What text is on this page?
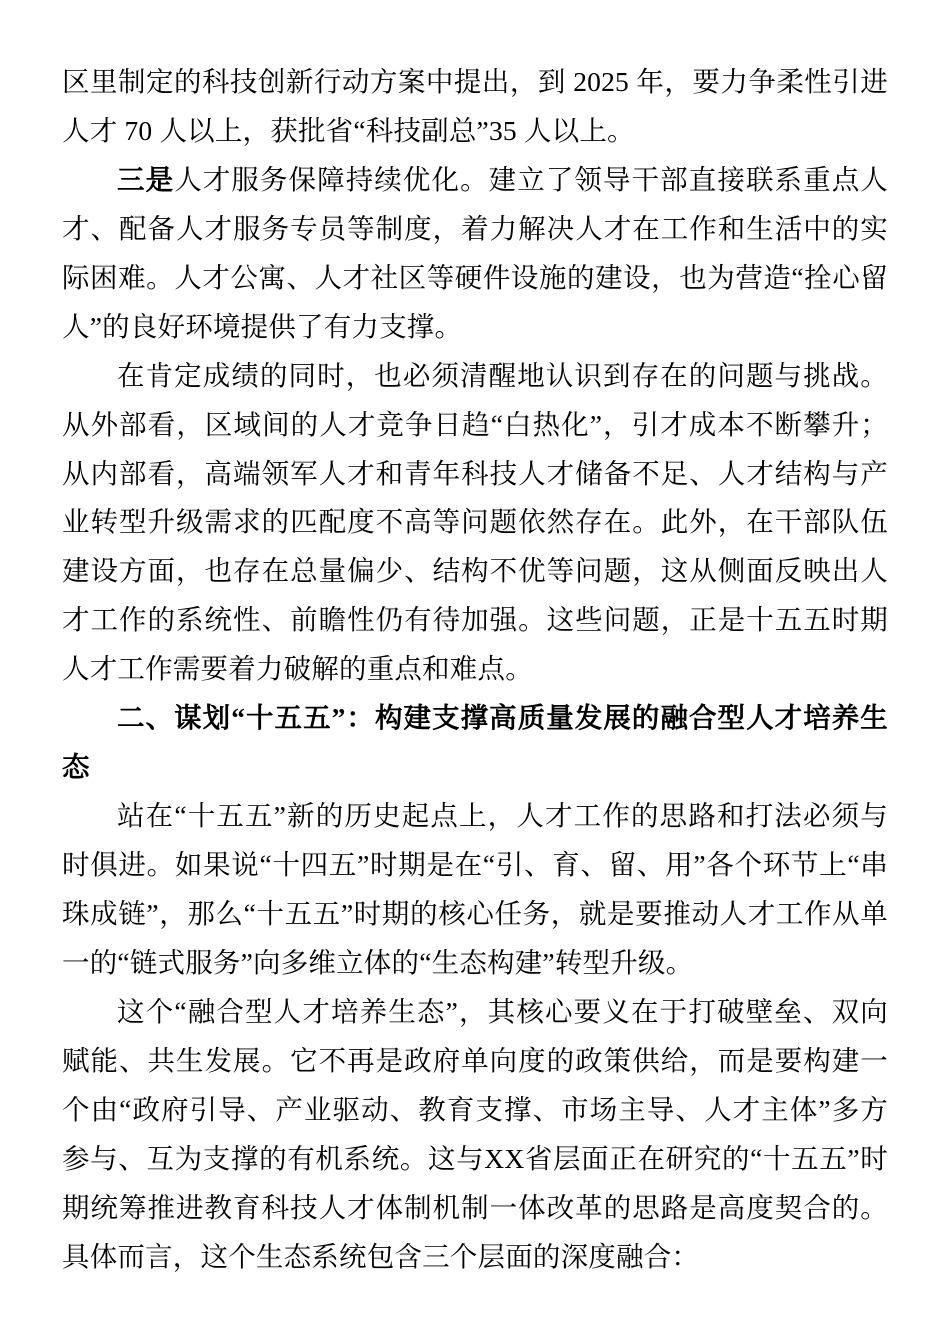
区里制定的科技创新行动方案中提出，到 2025 年，要力争柔性引进人才 70 人以上，获批省“科技副总”35 人以上。

三是人才服务保障持续优化。建立了领导干部直接联系重点人才、配备人才服务专员等制度，着力解决人才在工作和生活中的实际困难。人才公寓、人才社区等硬件设施的建设，也为营造“拴心留人”的良好环境提供了有力支撑。

在肯定成绩的同时，也必须清醒地认识到存在的问题与挑战。从外部看，区域间的人才竞争日趋“白热化”，引才成本不断攀升；从内部看，高端领军人才和青年科技人才储备不足、人才结构与产业转型升级需求的匹配度不高等问题依然存在。此外，在干部队伍建设方面，也存在总量偏少、结构不优等问题，这从侧面反映出人才工作的系统性、前瞻性仍有待加强。这些问题，正是十五五时期人才工作需要着力破解的重点和难点。

二、谋划“十五五”：构建支撑高质量发展的融合型人才培养生态

站在“十五五”新的历史起点上，人才工作的思路和打法必须与时俱进。如果说“十四五”时期是在“引、育、留、用”各个环节上“串珠成链”，那么“十五五”时期的核心任务，就是要推动人才工作从单一的“链式服务”向多维立体的“生态构建”转型升级。

这个“融合型人才培养生态”，其核心要义在于打破壁垒、双向赋能、共生发展。它不再是政府单向度的政策供给，而是要构建一个由“政府引导、产业驱动、教育支撑、市场主导、人才主体”多方参与、互为支撑的有机系统。这与XX省层面正在研究的“十五五”时期统筹推进教育科技人才体制机制一体改革的思路是高度契合的。具体而言，这个生态系统包含三个层面的深度融合：
